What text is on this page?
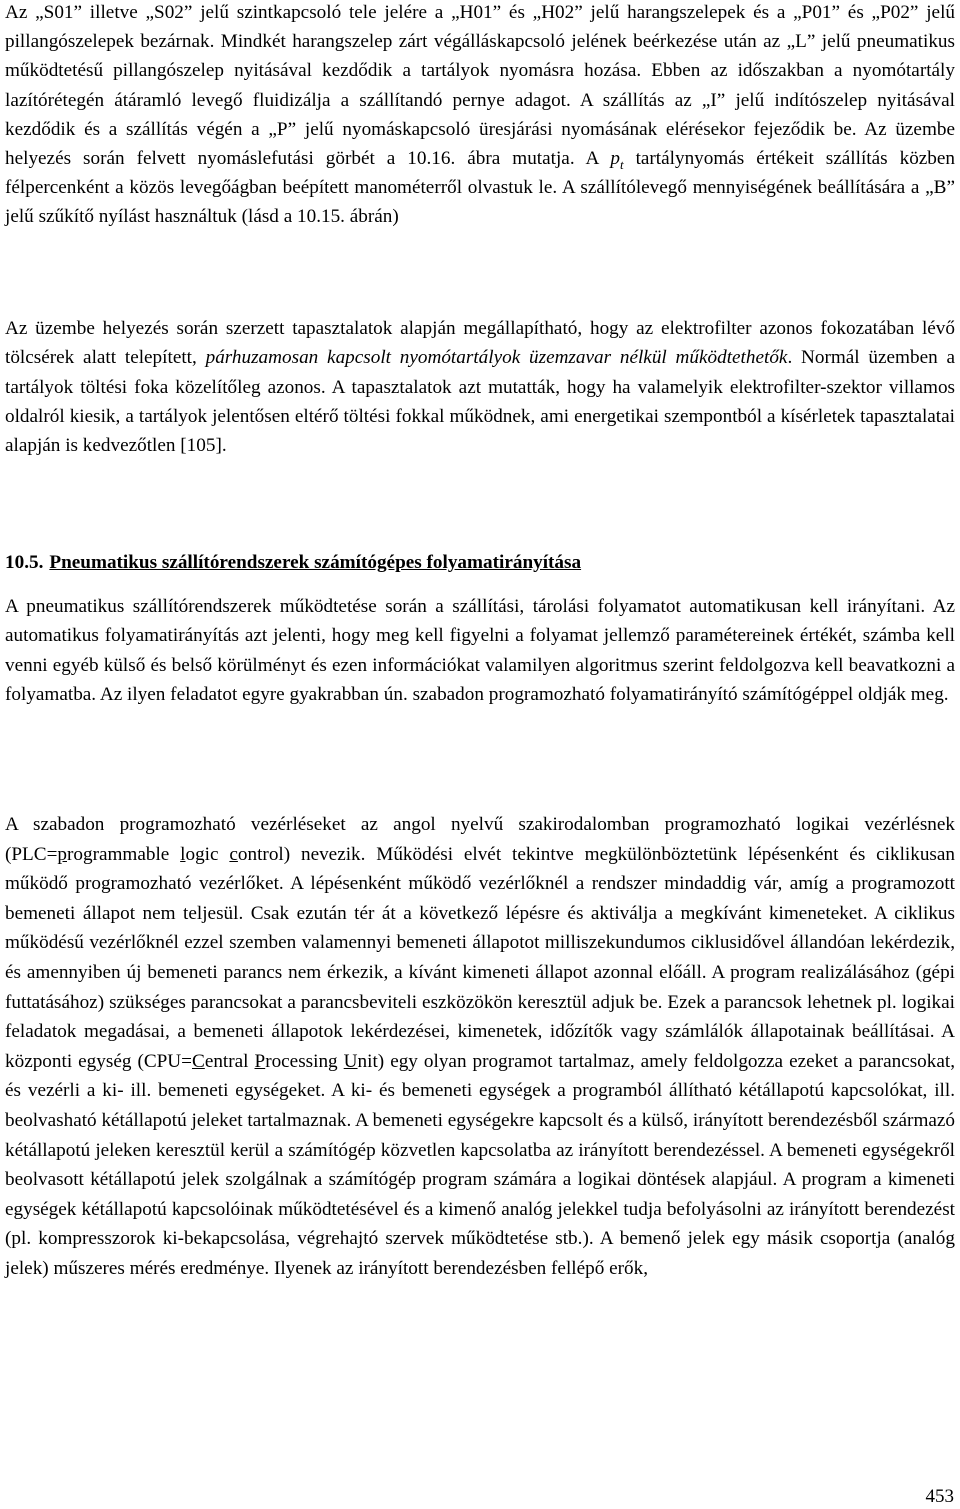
Az „S01” illetve „S02” jelű szintkapcsoló tele jelére a „H01” és „H02” jelű harangszelepek és a „P01” és „P02” jelű pillangószelepek bezárnak. Mindkét harangszelep zárt végálláskapcsoló jelének beérkezése után az „L” jelű pneumatikus működtetésű pillangószelep nyitásával kezdődik a tartályok nyomásra hozása. Ebben az időszakban a nyomótartály lazítórétegén átáramló levegő fluidizálja a szállítandó pernye adagot. A szállítás az „I” jelű indítószelep nyitásával kezdődik és a szállítás végén a „P” jelű nyomáskapcsoló üresjárási nyomásának elérésekor fejeződik be. Az üzembe helyezés során felvett nyomáslefutási görbét a 10.16. ábra mutatja. A $p_t$ tartálynyomás értékeit szállítás közben félpercenként a közös levegőágban beépített manométerről olvastuk le. A szállítólevegő mennyiségének beállítására a „B” jelű szűkítő nyílást használtuk (lásd a 10.15. ábrán)

Az üzembe helyezés során szerzett tapasztalatok alapján megállapítható, hogy az elektrofilter azonos fokozatában lévő tölcsérek alatt telepített, párhuzamosan kapcsolt nyomótartályok üzemzavar nélkül működtethetők. Normál üzemben a tartályok töltési foka közelítőleg azonos. A tapasztalatok azt mutatták, hogy ha valamelyik elektrofilter-szektor villamos oldalról kiesik, a tartályok jelentősen eltérő töltési fokkal működnek, ami energetikai szempontból a kísérletek tapasztalatai alapján is kedvezőtlen [105].

10.5. Pneumatikus szállítórendszerek számítógépes folyamatirányítása

A pneumatikus szállítórendszerek működtetése során a szállítási, tárolási folyamatot automatikusan kell irányítani. Az automatikus folyamatirányítás azt jelenti, hogy meg kell figyelni a folyamat jellemző paramétereinek értékét, számba kell venni egyéb külső és belső körülményt és ezen információkat valamilyen algoritmus szerint feldolgozva kell beavatkozni a folyamatba. Az ilyen feladatot egyre gyakrabban ún. szabadon programozható folyamatirányító számítógéppel oldják meg.

A szabadon programozható vezérléseket az angol nyelvű szakirodalomban programozható logikai vezérlésnek (PLC=programmable logic control) nevezik. Működési elvét tekintve megkülönböztetünk lépésenként és ciklikusan működő programozható vezérlőket. A lépésenként működő vezérlőknél a rendszer mindaddig vár, amíg a programozott bemeneti állapot nem teljesül. Csak ezután tér át a következő lépésre és aktiválja a megkívánt kimeneteket. A ciklikus működésű vezérlőknél ezzel szemben valamennyi bemeneti állapotot milliszekundumos ciklusidővel állandóan lekérdezik, és amennyiben új bemeneti parancs nem érkezik, a kívánt kimeneti állapot azonnal előáll. A program realizálásához (gépi futtatásához) szükséges parancsokat a parancsbeviteli eszközökön keresztül adjuk be. Ezek a parancsok lehetnek pl. logikai feladatok megadásai, a bemeneti állapotok lekérdezései, kimenetek, időzítők vagy számlálók állapotainak beállításai. A központi egység (CPU=Central Processing Unit) egy olyan programot tartalmaz, amely feldolgozza ezeket a parancsokat, és vezérli a ki- ill. bemeneti egységeket. A ki- és bemeneti egységek a programból állítható kétállapotú kapcsolókat, ill. beolvasható kétállapotú jeleket tartalmaznak. A bemeneti egységekre kapcsolt és a külső, irányított berendezésből származó kétállapotú jeleken keresztül kerül a számítógép közvetlen kapcsolatba az irányított berendezéssel. A bemeneti egységekről beolvasott kétállapotú jelek szolgálnak a számítógép program számára a logikai döntések alapjául. A program a kimeneti egységek kétállapotú kapcsolóinak működtetésével és a kimenő analóg jelekkel tudja befolyásolni az irányított berendezést (pl. kompresszorok ki-bekapcsolása, végrehajtó szervek működtetése stb.). A bemenő jelek egy másik csoportja (analóg jelek) műszeres mérés eredménye. Ilyenek az irányított berendezésben fellépő erők,

453
